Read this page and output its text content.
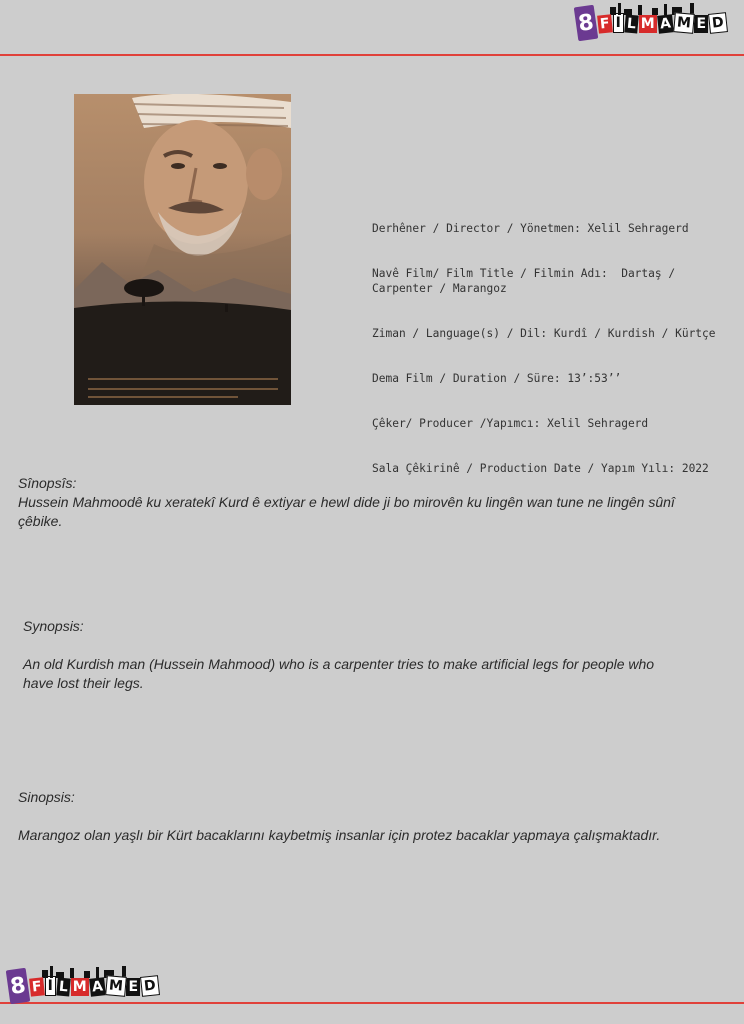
8 F I L M A M E D

Derhêner / Director / Yönetmen: Xelil Sehragerd

Navê Film/ Film Title / Filmin Adı:  Dartaş / Carpenter / Marangoz

Ziman / Language(s) / Dil: Kurdî / Kurdish / Kürtçe

Dema Film / Duration / Süre: 13’:53’’

Çêker/ Producer /Yapımcı: Xelil Sehragerd

Sala Çêkirinê / Production Date / Yapım Yılı: 2022

Sînopsîs:

Hussein Mahmoodê ku xeratekî Kurd ê extiyar e hewl dide ji bo mirovên ku lingên wan tune ne lingên sûnî çêbike.

Synopsis:

An old Kurdish man (Hussein Mahmood) who is a carpenter tries to make artificial legs for people who

have lost their legs.

Sinopsis:

Marangoz olan yaşlı bir Kürt bacaklarını kaybetmiş insanlar için protez bacaklar yapmaya çalışmaktadır.

8 F I L M A M E D
